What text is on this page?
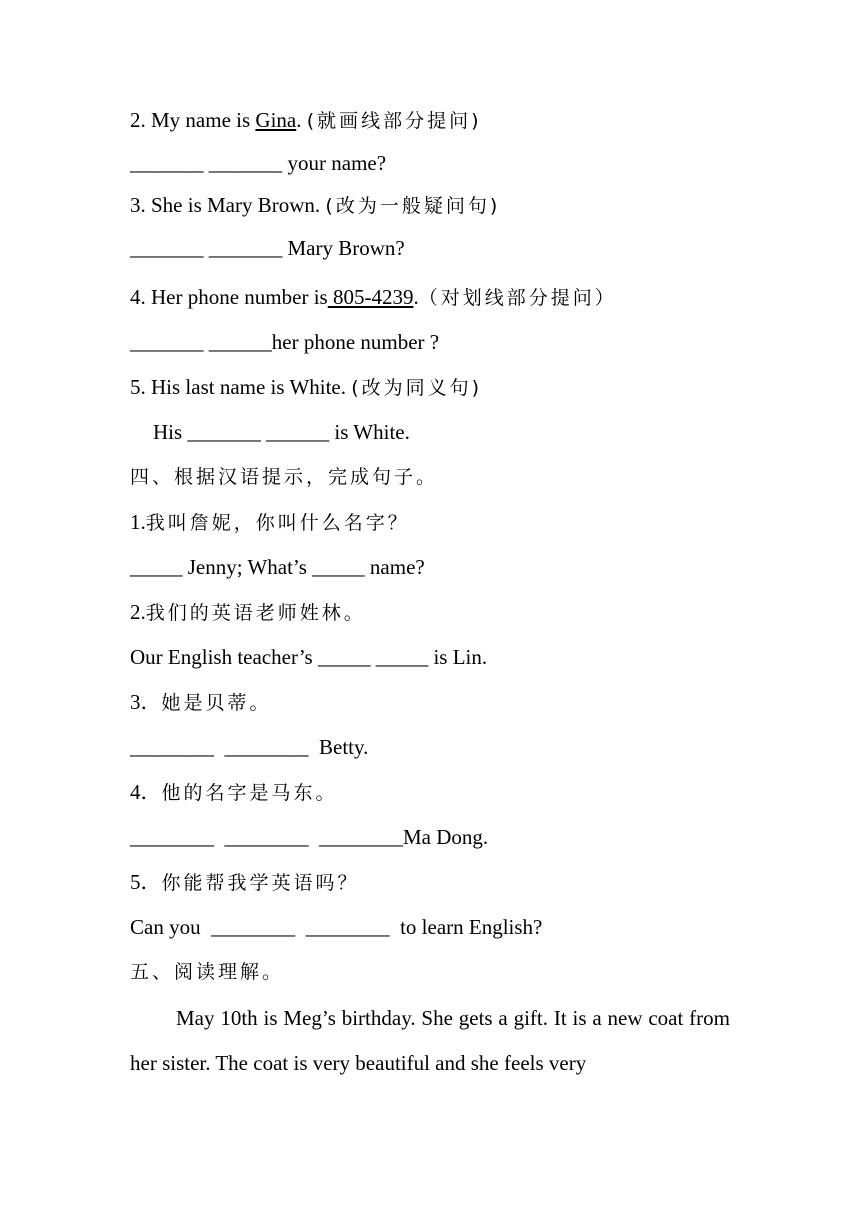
2. My name is Gina. (就画线部分提问)

_______ _______ your name?

3. She is Mary Brown. (改为一般疑问句)

_______ _______ Mary Brown?

4. Her phone number is 805-4239.（对划线部分提问）

_______ ______her phone number ?

5. His last name is White. (改为同义句)

His _______ ______ is White.

四、根据汉语提示，完成句子。

1.我叫詹妮，你叫什么名字？

_____ Jenny; What’s _____ name?

2.我们的英语老师姓林。

Our English teacher’s _____ _____ is Lin.

3．她是贝蒂。

________  ________  Betty.

4．他的名字是马东。

________  ________  ________Ma Dong.

5．你能帮我学英语吗？

Can you  ________  ________  to learn English?

五、阅读理解。

May 10th is Meg’s birthday. She gets a gift. It is a new coat from her sister. The coat is very beautiful and she feels very
